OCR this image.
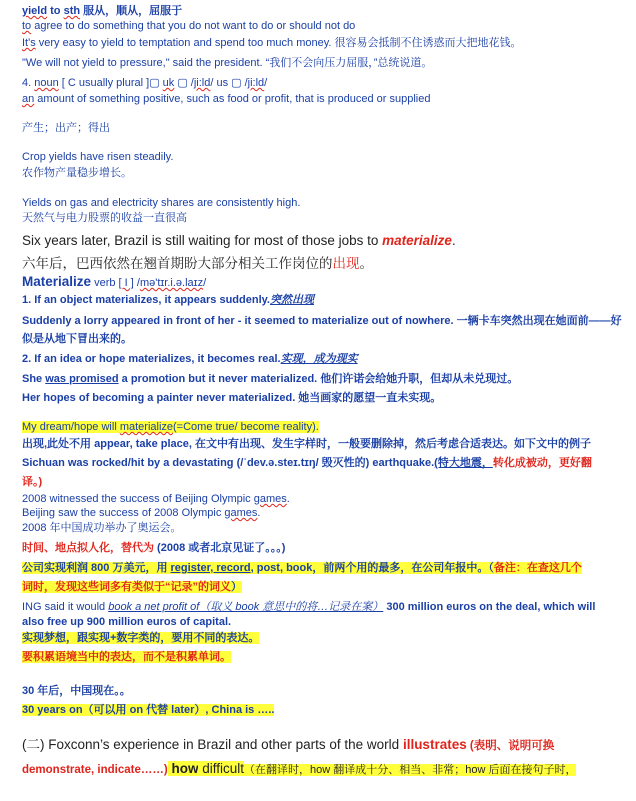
yield to sth 服从，顺从，屈服于
to agree to do something that you do not want to do or should not do
It's very easy to yield to temptation and spend too much money. 很容易会抵制不住诱惑而大把地花钱。
"We will not yield to pressure," said the president. “我们不会向压力屈服，”总统说道。
4. noun [ C usually plural ]▢ uk ▢ /ji:ld/ us ▢ /ji:ld/
an amount of something positive, such as food or profit, that is produced or supplied
产生；出产；得出
Crop yields have risen steadily.
农作物产量稳步增长。
Yields on gas and electricity shares are consistently high.
天然气与电力股票的收益一直很高
Six years later, Brazil is still waiting for most of those jobs to materialize.
六年后，巴西依然在翘首期盼大部分相关工作岗位的出现。
Materialize verb [ I ] /mə'tɪr.i.ə.laɪz/
1. If an object materializes, it appears suddenly.突然出现
Suddenly a lorry appeared in front of her - it seemed to materialize out of nowhere. 一辆卡车突然出现在她面前——好
似是从地下冒出来的。
2. If an idea or hope materializes, it becomes real.实现，成为现实
She was promised a promotion but it never materialized. 他们许诺会给她升职，但却从未兑现过。
Her hopes of becoming a painter never materialized. 她当画家的愿望一直未实现。
My dream/hope will materialize(=Come true/ become reality).
出现,此处不用 appear, take place, 在文中有出现、发生字样时，一般要删除掉，然后考虑合适表达。如下文中的例子
Sichuan was rocked/hit by a devastating (/ˈdev.ə.steɪ.tɪŋ/ 毁灭性的) earthquake.(特大地震，转化成被动，更好翻
译。)
2008 witnessed the success of Beijing Olympic games.
Beijing saw the success of 2008 Olympic games.
2008 年中国成功举办了奥运会。
时间、地点拟人化，替代为 (2008 或者北京见证了。。。)
公司实现利润 800 万美元，用 register, record, post, book，前两个用的最多，在公司年报中。（备注：在查这几个
词时，发现这些词多有类似于“记录”的词义）
ING said it would book a net profit of（取义 book 意思中的将…记录在案） 300 million euros on the deal, which will
also free up 900 million euros of capital.
实现梦想，跟实现+数字类的，要用不同的表达。
要积累语境当中的表达，而不是积累单词。
30 年后，中国现在。。
30 years on（可以用 on 代替 later）, China is …..
(二) Foxconn’s experience in Brazil and other parts of the world illustrates (表明、说明可换
demonstrate, indicate……) how difficult（在翻译时，how 翻译成十分、相当、非常；how 后面在接句子时，
